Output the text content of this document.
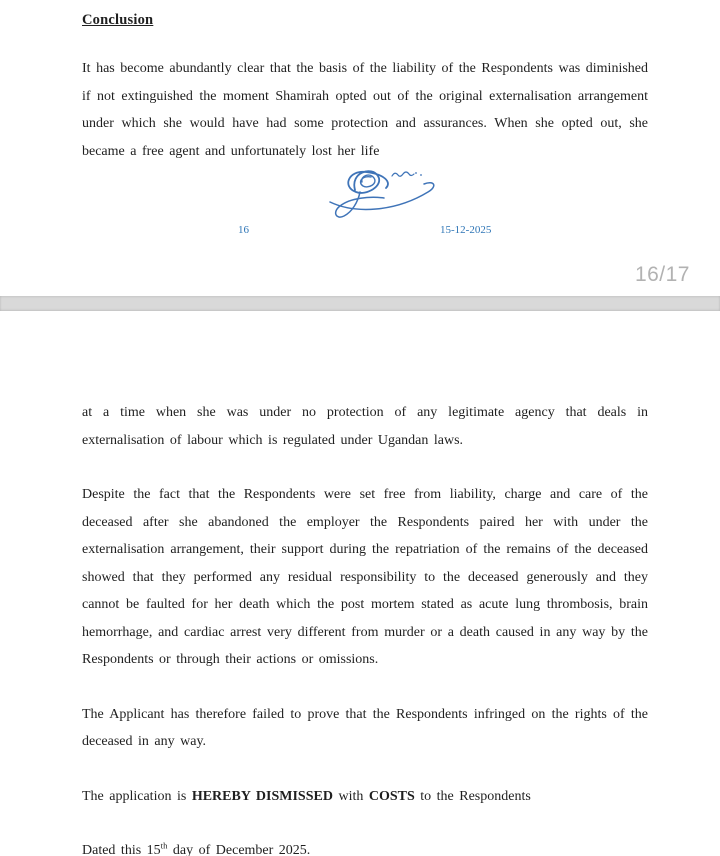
Conclusion

It has become abundantly clear that the basis of the liability of the Respondents was diminished if not extinguished the moment Shamirah opted out of the original externalisation arrangement under which she would have had some protection and assurances. When she opted out, she became a free agent and unfortunately lost her life

16	15-12-2025
16/17

at a time when she was under no protection of any legitimate agency that deals in externalisation of labour which is regulated under Ugandan laws.

Despite the fact that the Respondents were set free from liability, charge and care of the deceased after she abandoned the employer the Respondents paired her with under the externalisation arrangement, their support during the repatriation of the remains of the deceased showed that they performed any residual responsibility to the deceased generously and they cannot be faulted for her death which the post mortem stated as acute lung thrombosis, brain hemorrhage, and cardiac arrest very different from murder or a death caused in any way by the Respondents or through their actions or omissions.

The Applicant has therefore failed to prove that the Respondents infringed on the rights of the deceased in any way.

The application is HEREBY DISMISSED with COSTS to the Respondents

Dated this 15th day of December 2025.
